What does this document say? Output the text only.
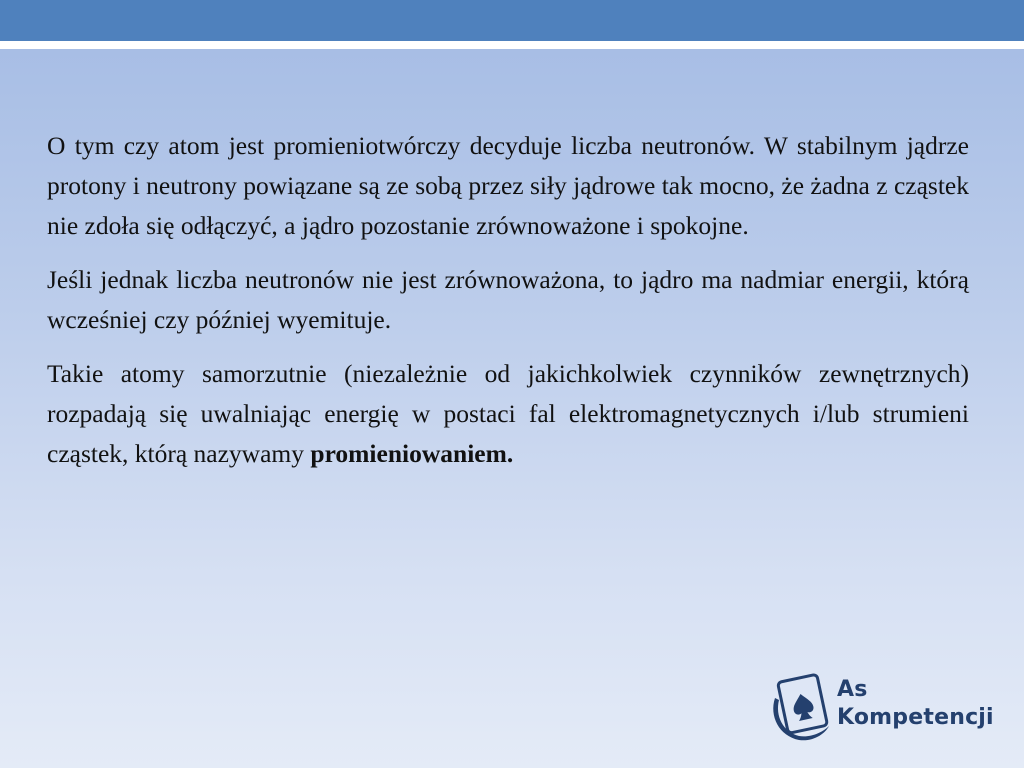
O tym czy atom jest promieniotwórczy decyduje liczba neutronów. W stabilnym jądrze protony i neutrony powiązane są ze sobą przez siły jądrowe tak mocno, że żadna z cząstek nie zdoła się odłączyć, a jądro pozostanie zrównoważone i spokojne.

Jeśli jednak liczba neutronów nie jest zrównoważona, to jądro ma nadmiar energii, którą wcześniej czy później wyemituje.

Takie atomy samorzutnie (niezależnie od jakichkolwiek czynników zewnętrznych) rozpadają się uwalniając energię w postaci fal elektromagnetycznych i/lub strumieni cząstek, którą nazywamy promieniowaniem.

As
Kompetencji
